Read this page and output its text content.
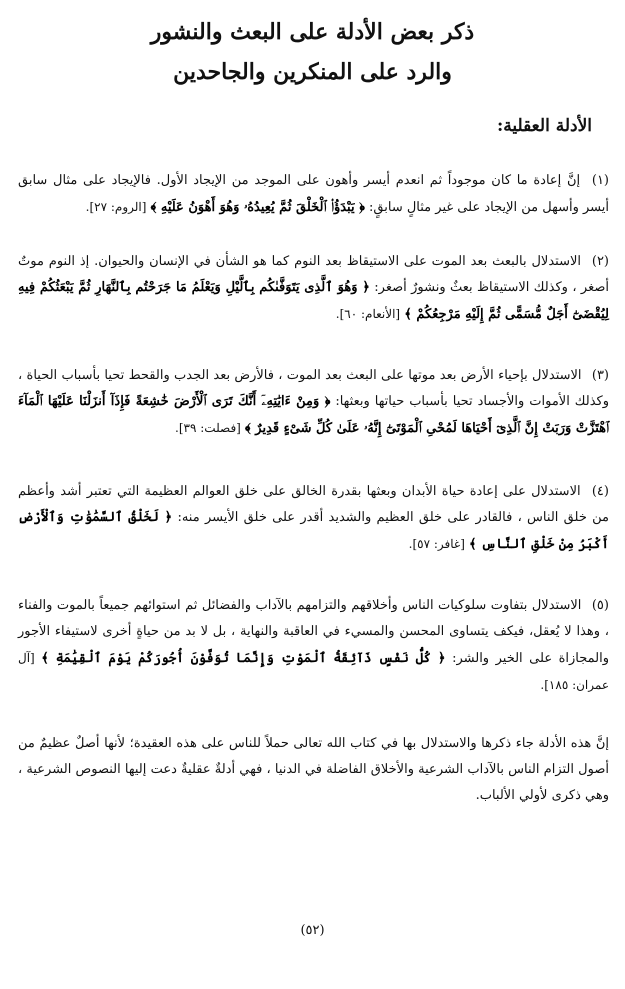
ذكر بعض الأدلة على البعث والنشور
والرد على المنكرين والجاحدين
الأدلة العقلية:

(١) إنَّ إعادة ما كان موجوداً ثم انعدم أيسر وأهون على الموجد من الإيجاد الأول. فالإيجاد على مثال سابق أيسر وأسهل من الإيجاد على غير مثالٍ سابقٍ: ﴿ يَبْدَؤُا۟ ٱلْخَلْقَ ثُمَّ يُعِيدُهُۥ وَهُوَ أَهْوَنُ عَلَيْهِ ﴾ [الروم: ٢٧].

(٢) الاستدلال بالبعث بعد الموت على الاستيقاظ بعد النوم كما هو الشأن في الإنسان والحيوان. إذ النوم موتٌ أصغر ، وكذلك الاستيقاظ بعثٌ ونشورٌ أصغر: ﴿ وَهُوَ ٱلَّذِى يَتَوَفَّىٰكُم بِٱلَّيْلِ وَيَعْلَمُ مَا جَرَحْتُم بِٱلنَّهَارِ ثُمَّ يَبْعَثُكُمْ فِيهِ لِيُقْضَىٰٓ أَجَلٌ مُّسَمًّى ثُمَّ إِلَيْهِ مَرْجِعُكُمْ ﴾ [الأنعام: ٦٠].

(٣) الاستدلال بإحياء الأرض بعد موتها على البعث بعد الموت ، فالأرض بعد الجدب والقحط تحيا بأسباب الحياة ، وكذلك الأموات والأجساد تحيا بأسباب حياتها وبعثها: ﴿ وَمِنْ ءَايَٰتِهِۦٓ أَنَّكَ تَرَى ٱلْأَرْضَ خَٰشِعَةً فَإِذَآ أَنزَلْنَا عَلَيْهَا ٱلْمَآءَ ٱهْتَزَّتْ وَرَبَتْ إِنَّ ٱلَّذِىٓ أَحْيَاهَا لَمُحْىِ ٱلْمَوْتَىٰٓ إِنَّهُۥ عَلَىٰ كُلِّ شَىْءٍ قَدِيرٌ ﴾ [فصلت: ٣٩].

(٤) الاستدلال على إعادة حياة الأبدان وبعثها بقدرة الخالق على خلق العوالم العظيمة التي تعتبر أشد وأعظم من خلق الناس ، فالقادر على خلق العظيم والشديد أقدر على خلق الأيسر منه: ﴿ لَخَلْقُ ٱلسَّمَٰوَٰتِ وَٱلْأَرْضِ أَكْبَرُ مِنْ خَلْقِ ٱلنَّاسِ ﴾ [غافر: ٥٧].

(٥) الاستدلال بتفاوت سلوكيات الناس وأخلاقهم والتزامهم بالآداب والفضائل ثم استوائهم جميعاً بالموت والفناء ، وهذا لا يُعقل، فيكف يتساوى المحسن والمسيء في العاقبة والنهاية ، بل لا بد من حياةٍ أخرى لاستيفاء الأجور والمجازاة على الخير والشر: ﴿ كُلُّ نَفْسٍ ذَآئِقَةُ ٱلْمَوْتِ وَإِنَّمَا تُوَفَّوْنَ أُجُورَكُمْ يَوْمَ ٱلْقِيَٰمَةِ ﴾ [آل عمران: ١٨٥].

إنَّ هذه الأدلة جاء ذكرها والاستدلال بها في كتاب الله تعالى حملاً للناس على هذه العقيدة؛ لأنها أصلٌ عظيمٌ من أصول التزام الناس بالآداب الشرعية والأخلاق الفاضلة في الدنيا ، فهي أدلةٌ عقليةٌ دعت إليها النصوص الشرعية ، وهي ذكرى لأولي الألباب.

(٥٢)
